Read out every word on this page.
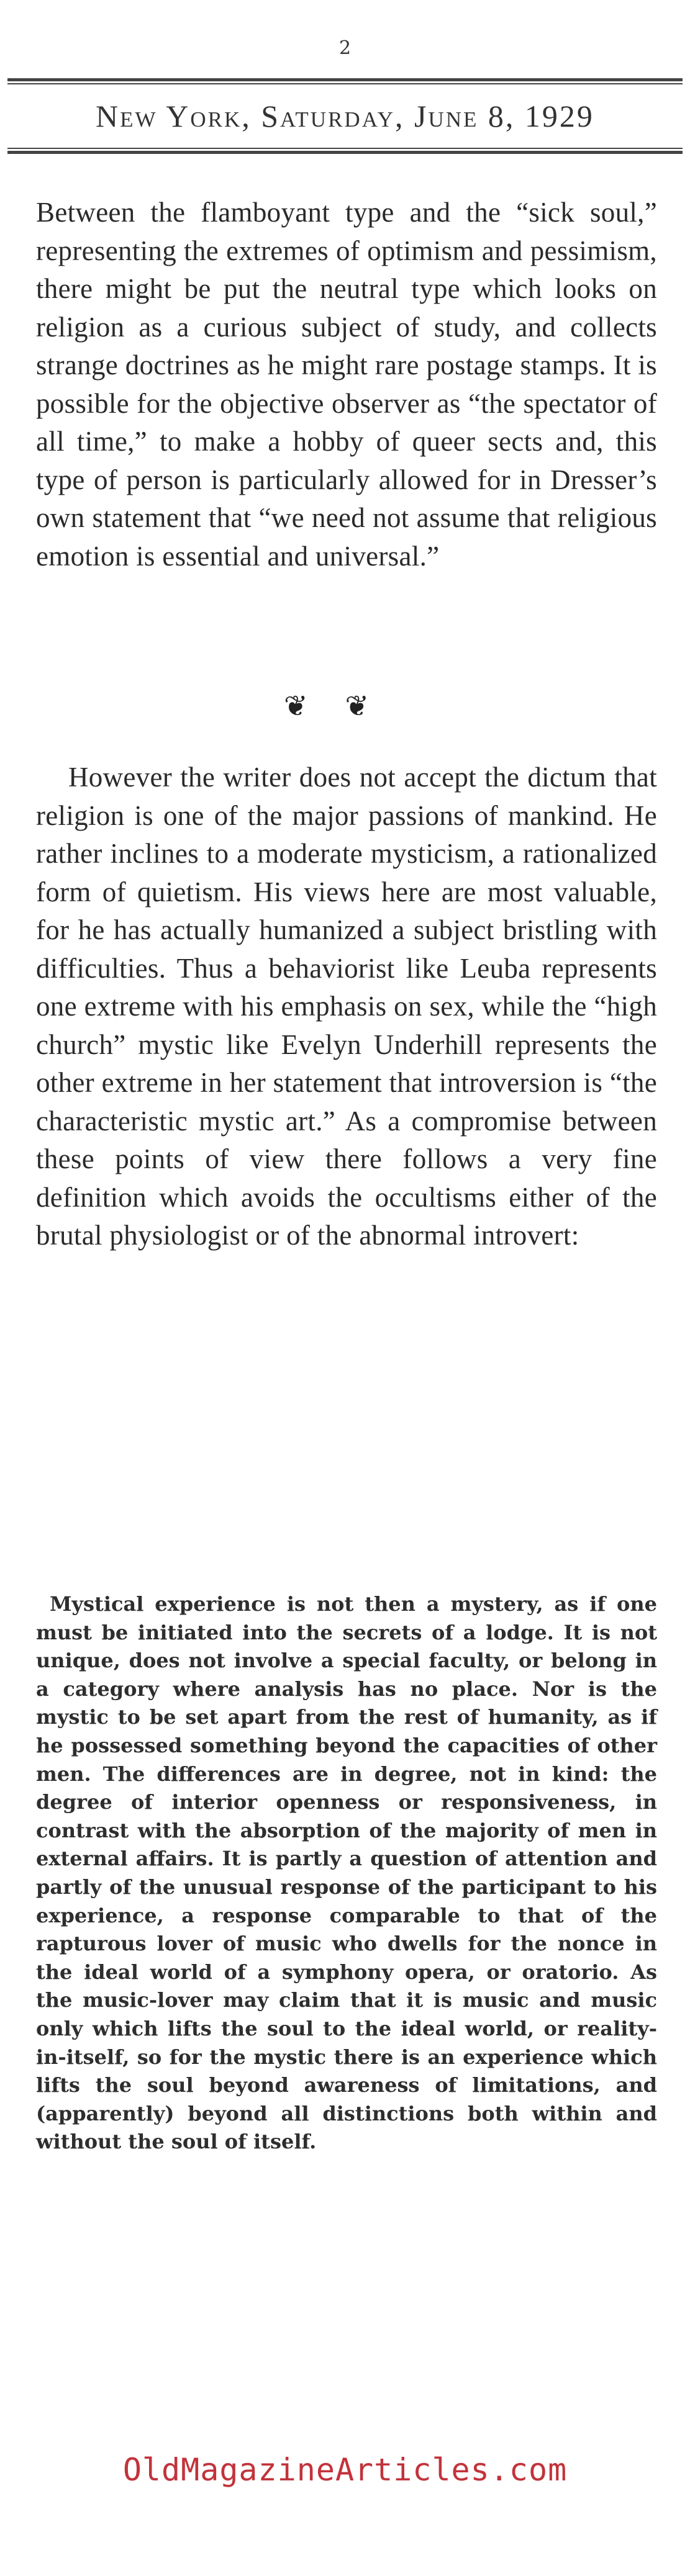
2
New York, Saturday, June 8, 1929

Between the flamboyant type and the “sick soul,” representing the extremes of optimism and pessimism, there might be put the neutral type which looks on religion as a curious subject of study, and collects strange doctrines as he might rare postage stamps. It is possible for the objective observer as “the spectator of all time,” to make a hobby of queer sects and, this type of person is particularly allowed for in Dresser’s own statement that “we need not assume that religious emotion is essential and universal.”

❦❦

However the writer does not accept the dictum that religion is one of the major passions of mankind. He rather inclines to a moderate mysticism, a rationalized form of quietism. His views here are most valuable, for he has actually humanized a subject bristling with difficulties. Thus a behaviorist like Leuba represents one extreme with his emphasis on sex, while the “high church” mystic like Evelyn Underhill represents the other extreme in her statement that introversion is “the characteristic mystic art.” As a compromise between these points of view there follows a very fine definition which avoids the occultisms either of the brutal physiologist or of the abnormal introvert:

Mystical experience is not then a mystery, as if one must be initiated into the secrets of a lodge. It is not unique, does not involve a special faculty, or belong in a category where analysis has no place. Nor is the mystic to be set apart from the rest of humanity, as if he possessed something beyond the capacities of other men. The differences are in degree, not in kind: the degree of interior openness or responsiveness, in contrast with the absorption of the majority of men in external affairs. It is partly a question of attention and partly of the unusual response of the participant to his experience, a response comparable to that of the rapturous lover of music who dwells for the nonce in the ideal world of a symphony opera, or oratorio. As the music-lover may claim that it is music and music only which lifts the soul to the ideal world, or reality-in-itself, so for the mystic there is an experience which lifts the soul beyond awareness of limitations, and (apparently) beyond all distinctions both within and without the soul of itself.

OldMagazineArticles.com
